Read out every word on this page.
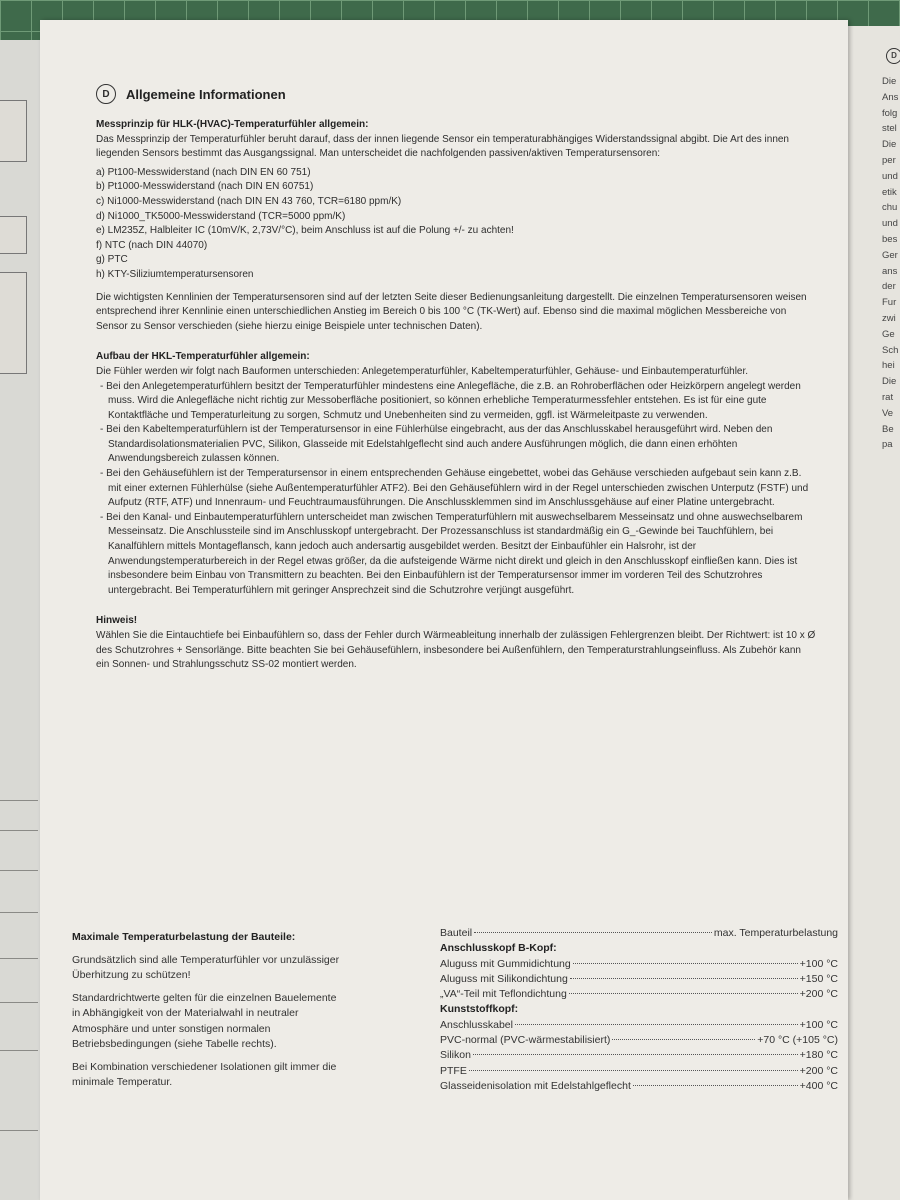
D
Die
Ans
folg
stel
Die
per
und
etik
chu
und
bes
Ger
ans
der
Fur
zwi
Ge
Sch
hei
Die
rat
Ve
Be
pa
D	Allgemeine Informationen

Messprinzip für HLK-(HVAC)-Temperaturfühler allgemein:

Das Messprinzip der Temperaturfühler beruht darauf, dass der innen liegende Sensor ein temperaturabhängiges Widerstandssignal abgibt. Die Art des innen liegenden Sensors bestimmt das Ausgangssignal. Man unterscheidet die nachfolgenden passiven/aktiven Temperatursensoren:

a) Pt100-Messwiderstand (nach DIN EN 60 751)
b) Pt1000-Messwiderstand (nach DIN EN 60751)
c) Ni1000-Messwiderstand (nach DIN EN 43 760, TCR=6180 ppm/K)
d) Ni1000_TK5000-Messwiderstand (TCR=5000 ppm/K)
e) LM235Z, Halbleiter IC (10mV/K, 2,73V/°C), beim Anschluss ist auf die Polung +/- zu achten!
f) NTC (nach DIN 44070)
g) PTC
h) KTY-Siliziumtemperatursensoren

Die wichtigsten Kennlinien der Temperatursensoren sind auf der letzten Seite dieser Bedienungsanleitung dargestellt. Die einzelnen Temperatursensoren weisen entsprechend ihrer Kennlinie einen unterschiedlichen Anstieg im Bereich 0 bis 100 °C (TK-Wert) auf. Ebenso sind die maximal möglichen Messbereiche von Sensor zu Sensor verschieden (siehe hierzu einige Beispiele unter technischen Daten).

Aufbau der HKL-Temperaturfühler allgemein:

Die Fühler werden wir folgt nach Bauformen unterschieden: Anlegetemperaturfühler, Kabeltemperaturfühler, Gehäuse- und Einbautemperaturfühler.

- Bei den Anlegetemperaturfühlern besitzt der Temperaturfühler mindestens eine Anlegefläche, die z.B. an Rohroberflächen oder Heizkörpern angelegt werden muss. Wird die Anlegefläche nicht richtig zur Messoberfläche positioniert, so können erhebliche Temperaturmessfehler entstehen. Es ist für eine gute Kontaktfläche und Temperaturleitung zu sorgen, Schmutz und Unebenheiten sind zu vermeiden, ggfl. ist Wärmeleitpaste zu verwenden.
- Bei den Kabeltemperaturfühlern ist der Temperatursensor in eine Fühlerhülse eingebracht, aus der das Anschlusskabel herausgeführt wird. Neben den Standardisolationsmaterialien PVC, Silikon, Glasseide mit Edelstahlgeflecht sind auch andere Ausführungen möglich, die dann einen erhöhten Anwendungsbereich zulassen können.
- Bei den Gehäusefühlern ist der Temperatursensor in einem entsprechenden Gehäuse eingebettet, wobei das Gehäuse verschieden aufgebaut sein kann z.B. mit einer externen Fühlerhülse (siehe Außentemperaturfühler ATF2). Bei den Gehäusefühlern wird in der Regel unterschieden zwischen Unterputz (FSTF) und Aufputz (RTF, ATF) und Innenraum- und Feuchtraumausführungen. Die Anschlussklemmen sind im Anschlussgehäuse auf einer Platine untergebracht.
- Bei den Kanal- und Einbautemperaturfühlern unterscheidet man zwischen Temperaturfühlern mit auswechselbarem Messeinsatz und ohne auswechselbarem Messeinsatz. Die Anschlussteile sind im Anschlusskopf untergebracht. Der Prozessanschluss ist standardmäßig ein G_-Gewinde bei Tauchfühlern, bei Kanalfühlern mittels Montageflansch, kann jedoch auch andersartig ausgebildet werden. Besitzt der Einbaufühler ein Halsrohr, ist der Anwendungstemperaturbereich in der Regel etwas größer, da die aufsteigende Wärme nicht direkt und gleich in den Anschlusskopf einfließen kann. Dies ist insbesondere beim Einbau von Transmittern zu beachten. Bei den Einbaufühlern ist der Temperatursensor immer im vorderen Teil des Schutzrohres untergebracht. Bei Temperaturfühlern mit geringer Ansprechzeit sind die Schutzrohre verjüngt ausgeführt.

Hinweis!

Wählen Sie die Eintauchtiefe bei Einbaufühlern so, dass der Fehler durch Wärmeableitung innerhalb der zulässigen Fehlergrenzen bleibt. Der Richtwert: ist 10 x Ø des Schutzrohres + Sensorlänge. Bitte beachten Sie bei Gehäusefühlern, insbesondere bei Außenfühlern, den Temperaturstrahlungseinfluss. Als Zubehör kann ein Sonnen- und Strahlungsschutz SS-02 montiert werden.

Maximale Temperaturbelastung der Bauteile:

Grundsätzlich sind alle Temperaturfühler vor unzulässiger Überhitzung zu schützen!

Standardrichtwerte gelten für die einzelnen Bauelemente in Abhängigkeit von der Materialwahl in neutraler Atmosphäre und unter sonstigen normalen Betriebsbedingungen (siehe Tabelle rechts).

Bei Kombination verschiedener Isolationen gilt immer die minimale Temperatur.

Bauteil	max. Temperaturbelastung
Anschlusskopf B-Kopf:
Aluguss mit Gummidichtung	+100 °C
Aluguss mit Silikondichtung	+150 °C
„VA“-Teil mit Teflondichtung	+200 °C
Kunststoffkopf:
Anschlusskabel	+100 °C
PVC-normal (PVC-wärmestabilisiert)	+70 °C (+105 °C)
Silikon	+180 °C
PTFE	+200 °C
Glasseidenisolation mit Edelstahlgeflecht	+400 °C
